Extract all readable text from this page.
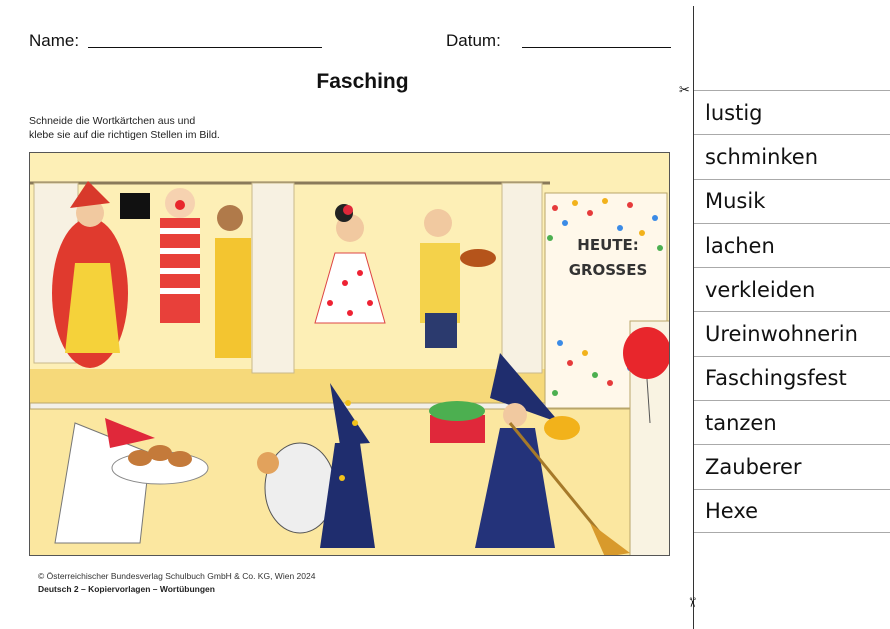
Name:	Datum:
Fasching
Schneide die Wortkärtchen aus und
klebe sie auf die richtigen Stellen im Bild.
HEUTE:
GROSSES
© Österreichischer Bundesverlag Schulbuch GmbH & Co. KG, Wien 2024
Deutsch 2 – Kopiervorlagen – Wortübungen
✂
✂
lustig
schminken
Musik
lachen
verkleiden
Ureinwohnerin
Faschingsfest
tanzen
Zauberer
Hexe
